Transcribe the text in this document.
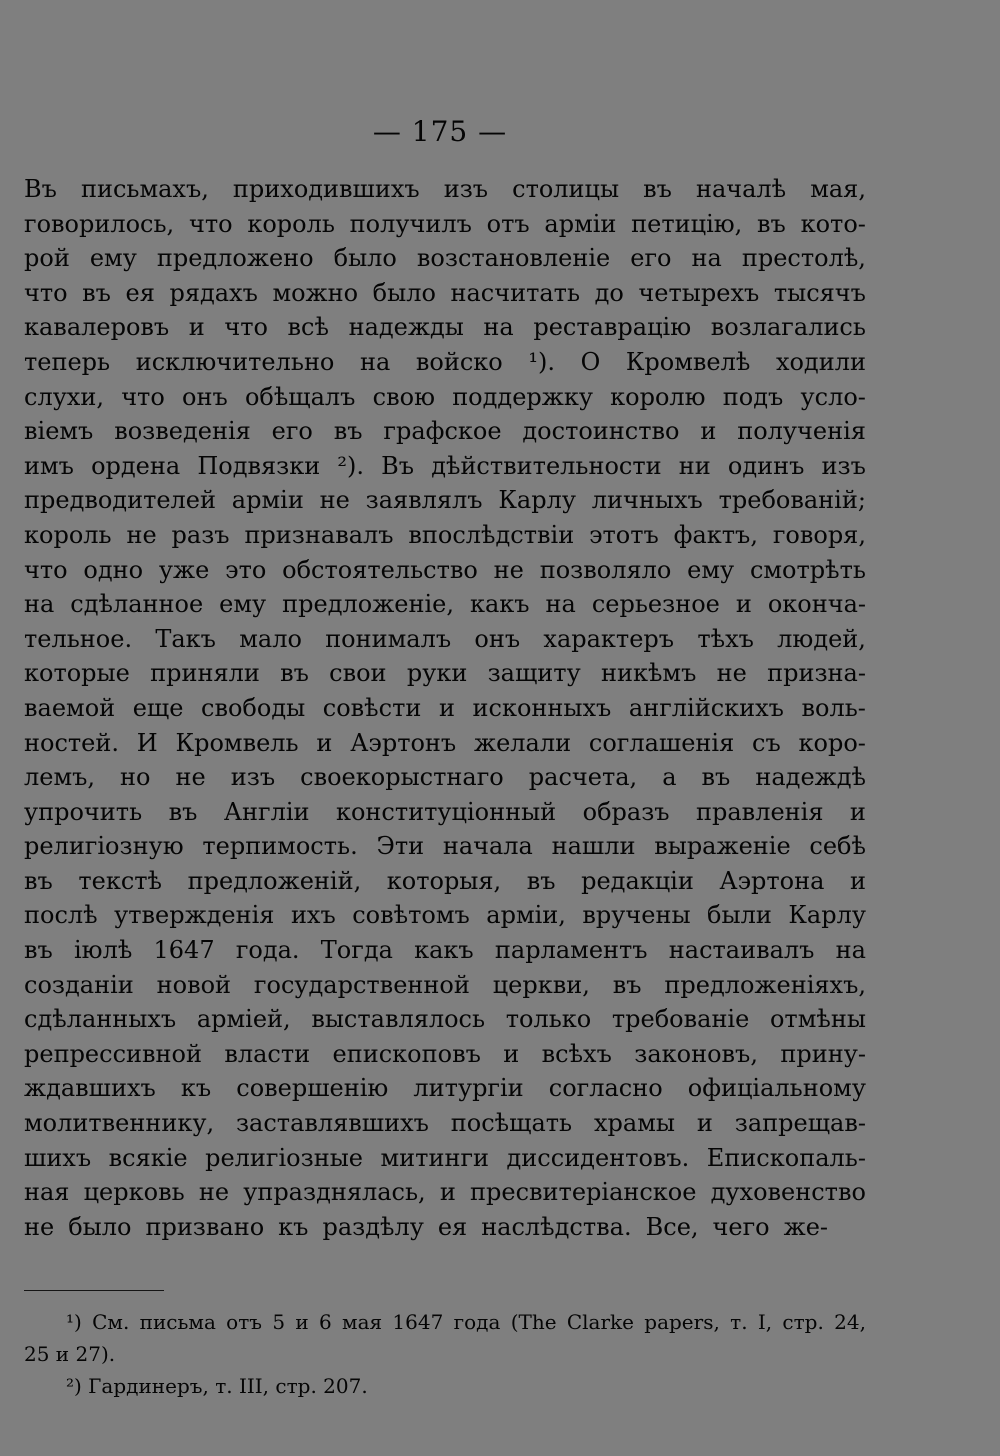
— 175 —
Въ письмахъ, приходившихъ изъ столицы въ началѣ мая,
говорилось, что король получилъ отъ арміи петицію, въ кото-
рой ему предложено было возстановленіе его на престолѣ,
что въ ея рядахъ можно было насчитать до четырехъ тысячъ
кавалеровъ и что всѣ надежды на реставрацію возлагались
теперь исключительно на войско ¹). О Кромвелѣ ходили
слухи, что онъ обѣщалъ свою поддержку королю подъ усло-
віемъ возведенія его въ графское достоинство и полученія
имъ ордена Подвязки ²). Въ дѣйствительности ни одинъ изъ
предводителей арміи не заявлялъ Карлу личныхъ требованій;
король не разъ признавалъ впослѣдствіи этотъ фактъ, говоря,
что одно уже это обстоятельство не позволяло ему смотрѣть
на сдѣланное ему предложеніе, какъ на серьезное и оконча-
тельное. Такъ мало понималъ онъ характеръ тѣхъ людей,
которые приняли въ свои руки защиту никѣмъ не призна-
ваемой еще свободы совѣсти и исконныхъ англійскихъ воль-
ностей. И Кромвель и Аэртонъ желали соглашенія съ коро-
лемъ, но не изъ своекорыстнаго расчета, а въ надеждѣ
упрочить въ Англіи конституціонный образъ правленія и
религіозную терпимость. Эти начала нашли выраженіе себѣ
въ текстѣ предложеній, которыя, въ редакціи Аэртона и
послѣ утвержденія ихъ совѣтомъ арміи, вручены были Карлу
въ іюлѣ 1647 года. Тогда какъ парламентъ настаивалъ на
созданіи новой государственной церкви, въ предложеніяхъ,
сдѣланныхъ арміей, выставлялось только требованіе отмѣны
репрессивной власти епископовъ и всѣхъ законовъ, прину-
ждавшихъ къ совершенію литургіи согласно офиціальному
молитвеннику, заставлявшихъ посѣщать храмы и запрещав-
шихъ всякіе религіозные митинги диссидентовъ. Епископаль-
ная церковь не упразднялась, и пресвитеріанское духовенство
не было призвано къ раздѣлу ея наслѣдства. Все, чего же-
¹) См. письма отъ 5 и 6 мая 1647 года (The Clarke papers, т. I, стр. 24,
25 и 27).
²) Гардинеръ, т. III, стр. 207.
